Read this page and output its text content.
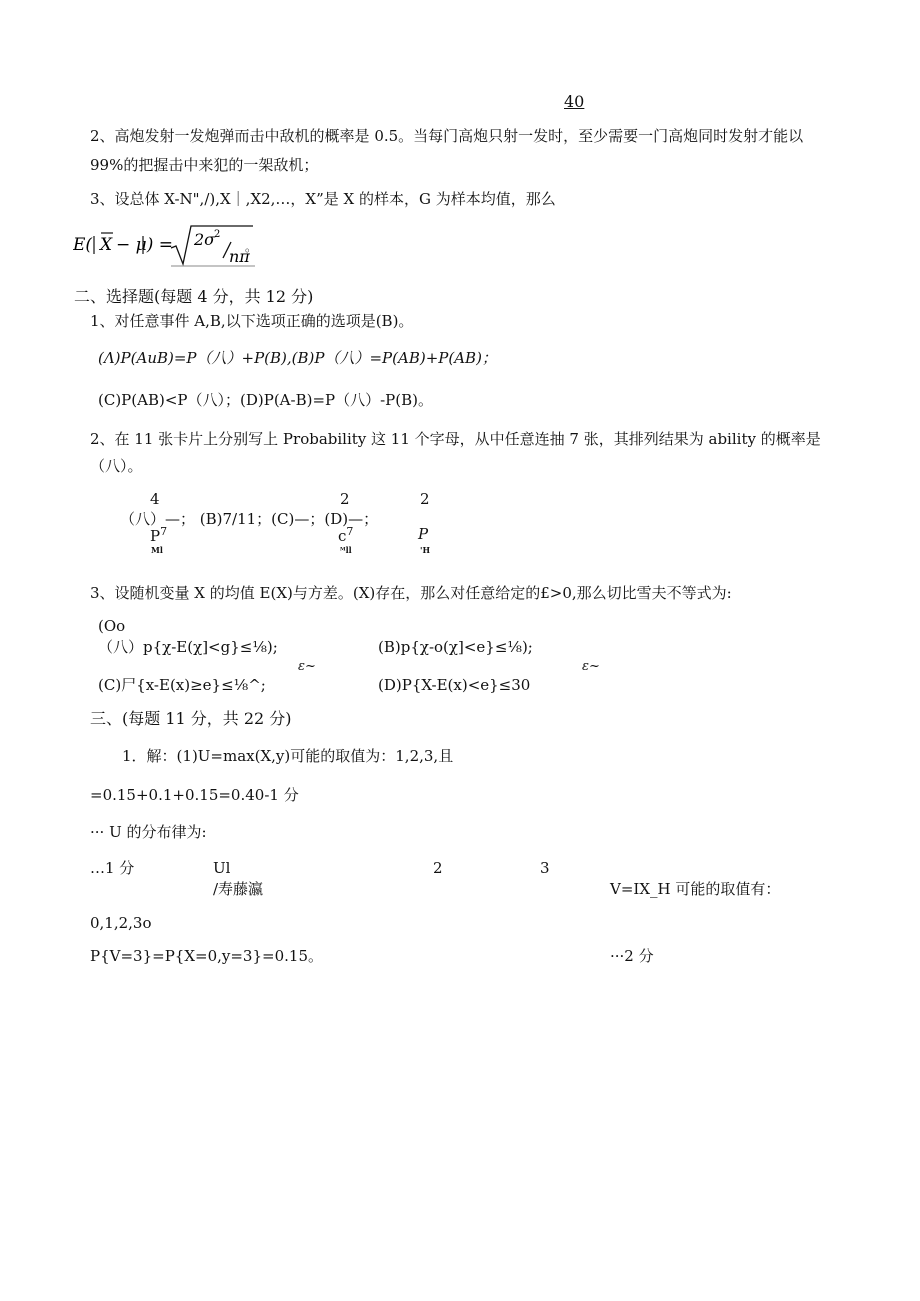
40
2、高炮发射一发炮弹而击中敌机的概率是 0.5。当每门高炮只射一发时，至少需要一门高炮同时发射才能以
99%的把握击中来犯的一架敌机；
3、设总体 X-N",/),X｜,X2,…，X”是 X 的样本，G 为样本均值，那么
E( X − μ) = 2σ
2
nπ
。
二、选择题(每题 4 分，共 12 分)
1、对任意事件 A,B,以下选项正确的选项是(B)。
(Λ)P(AuB)=P（八）+P(B),(B)P（八）=P(AB)+P(AB)；
(C)P(AB)<P（八）；(D)P(A-B)=P（八）-P(B)。
2、在 11 张卡片上分别写上 Probability 这 11 个字母，从中任意连抽 7 张，其排列结果为 ability 的概率是
（八）。
4	2	2
（八）—； (B)7/11；(C)—；(D)—；
$P^7$	$c^7$	P
Ml	ᴹll	'H
3、设随机变量 X 的均值 E(X)与方差。(X)存在，那么对任意给定的£>0,那么切比雪夫不等式为:
(Oo
（八）p{χ-E(χ]<g}≤⅛);	(B)p{χ-o(χ]<e}≤⅛);
ε~	ε~
(C)尸{x-E(x)≥e}≤⅛^;	(D)P{X-E(x)<e}≤30
三、(每题 11 分，共 22 分)
1．解：(1)U=max(X,y)可能的取值为：1,2,3,且
=0.15+0.1+0.15=0.40-1 分
··· U 的分布律为:
…1 分	Ul	2	3
/寿藤瀛	V=IX_H 可能的取值有：
0,1,2,3o
P{V=3}=P{X=0,y=3}=0.15。	···2 分
